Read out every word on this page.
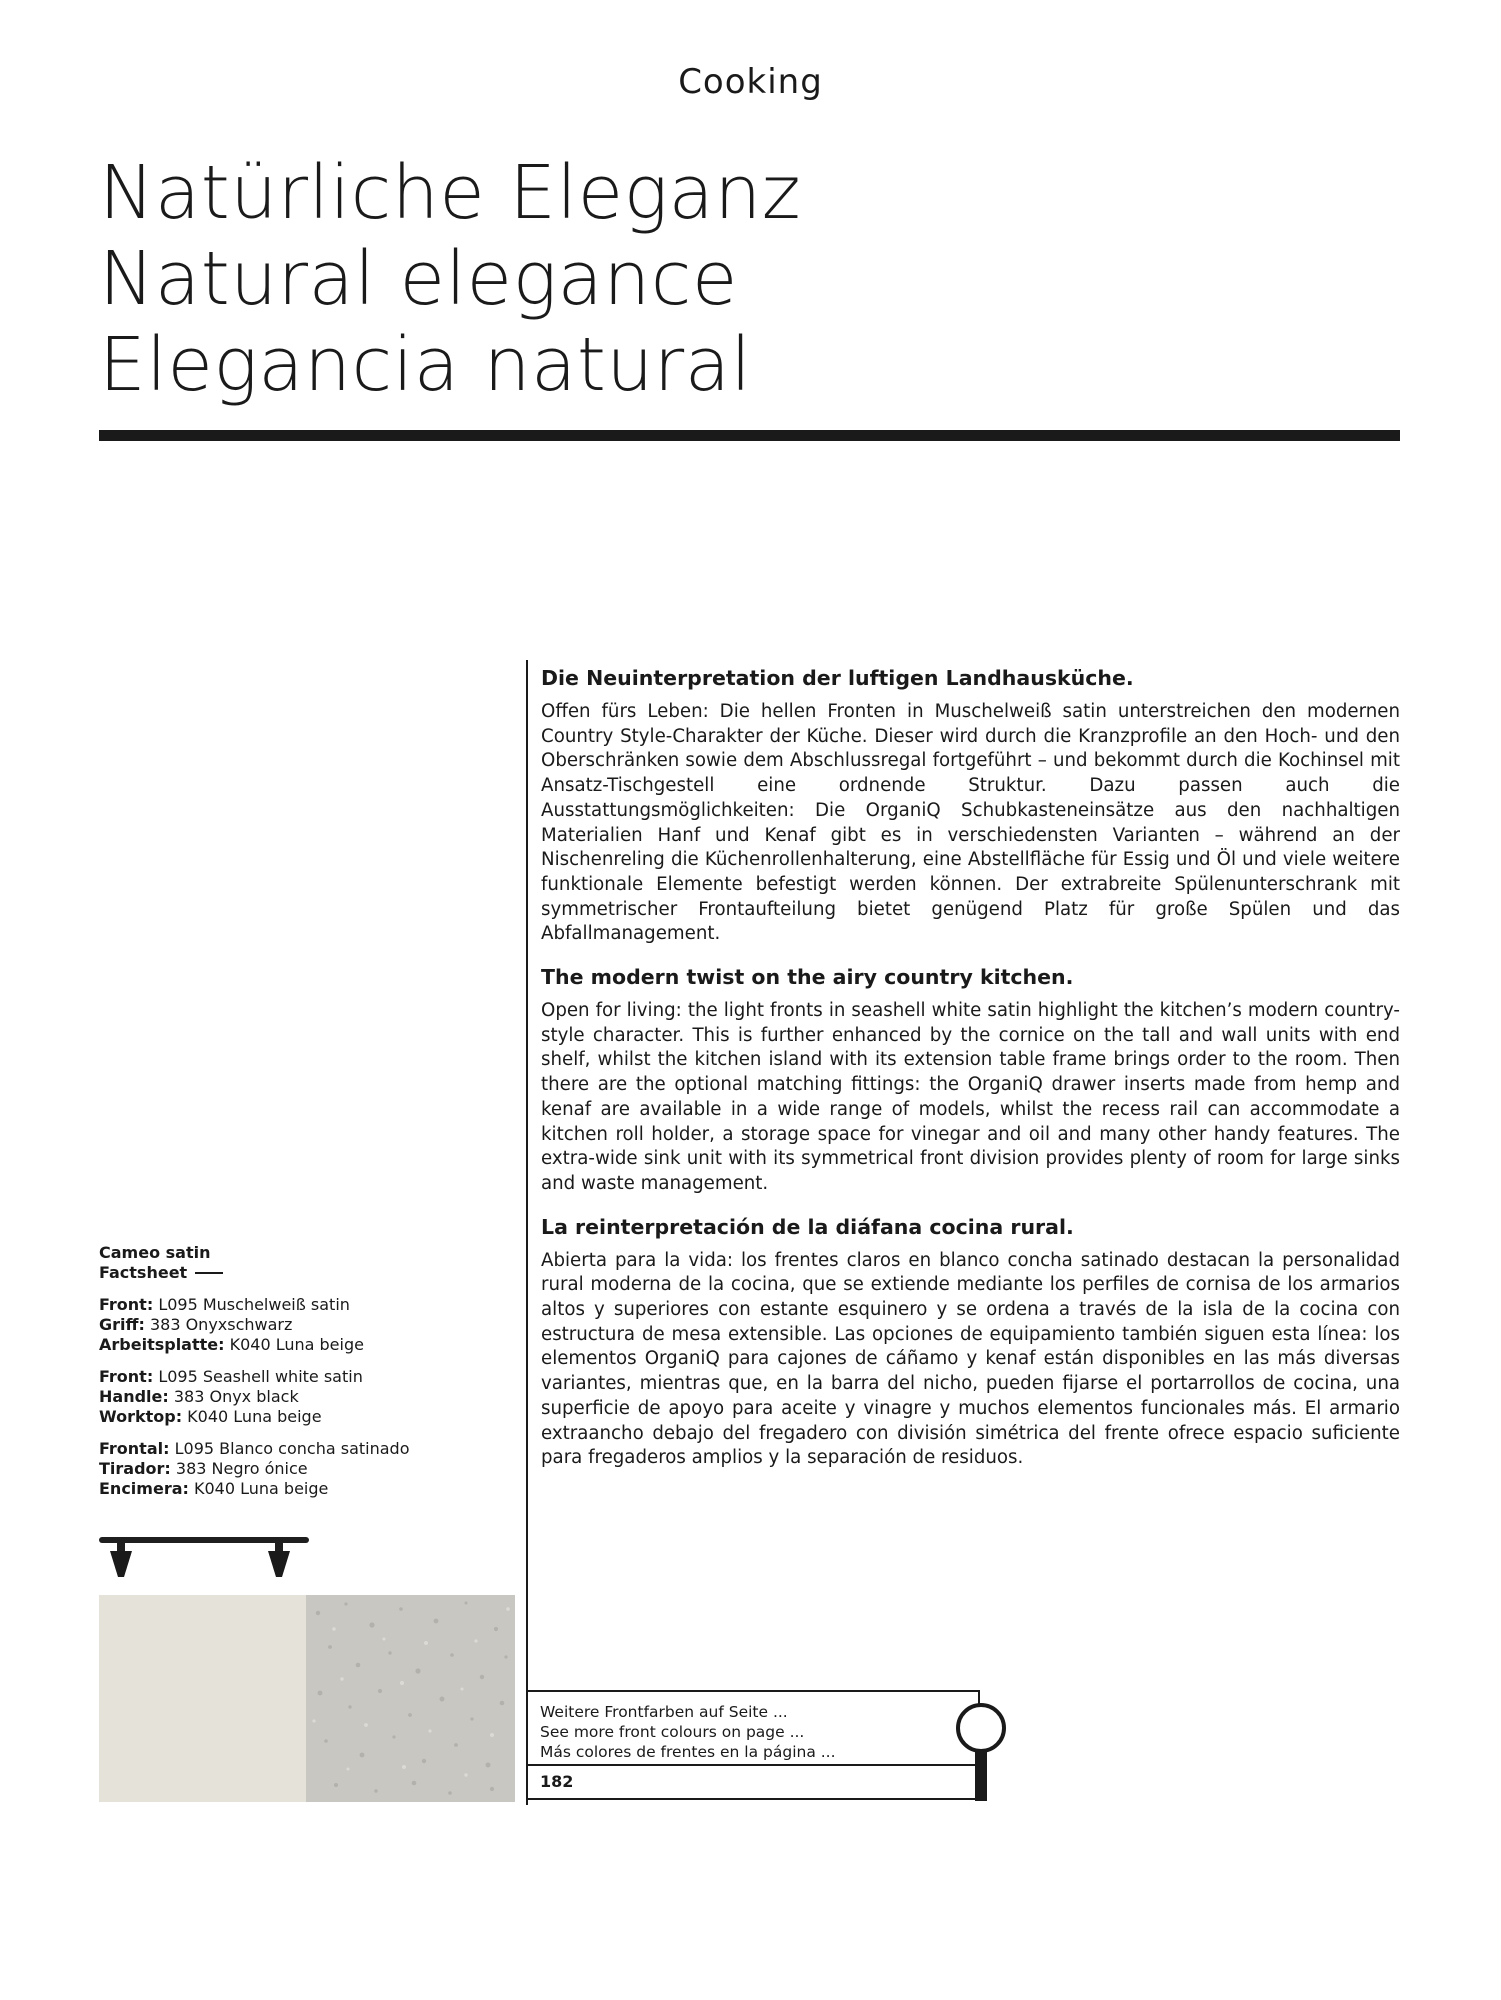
Cooking
Natürliche Eleganz
Natural elegance
Elegancia natural
Die Neuinterpretation der luftigen Landhausküche.
Offen fürs Leben: Die hellen Fronten in Muschelweiß satin unterstreichen den modernen Country Style-Charakter der Küche. Dieser wird durch die Kranzprofile an den Hoch- und den Oberschränken sowie dem Abschlussregal fortgeführt – und bekommt durch die Kochinsel mit Ansatz-Tischgestell eine ordnende Struktur. Dazu passen auch die Ausstattungsmöglichkeiten: Die OrganiQ Schubkasteneinsätze aus den nachhaltigen Materialien Hanf und Kenaf gibt es in verschiedensten Varianten – während an der Nischenreling die Küchenrollenhalterung, eine Abstellfläche für Essig und Öl und viele weitere funktionale Elemente befestigt werden können. Der extrabreite Spülenunterschrank mit symmetrischer Frontaufteilung bietet genügend Platz für große Spülen und das Abfallmanagement.
The modern twist on the airy country kitchen.
Open for living: the light fronts in seashell white satin highlight the kitchen’s modern country-style character. This is further enhanced by the cornice on the tall and wall units with end shelf, whilst the kitchen island with its extension table frame brings order to the room. Then there are the optional matching fittings: the OrganiQ drawer inserts made from hemp and kenaf are available in a wide range of models, whilst the recess rail can accommodate a kitchen roll holder, a storage space for vinegar and oil and many other handy features. The extra-wide sink unit with its symmetrical front division provides plenty of room for large sinks and waste management.
La reinterpretación de la diáfana cocina rural.
Abierta para la vida: los frentes claros en blanco concha satinado destacan la personalidad rural moderna de la cocina, que se extiende mediante los perfiles de cornisa de los armarios altos y superiores con estante esquinero y se ordena a través de la isla de la cocina con estructura de mesa extensible. Las opciones de equipamiento también siguen esta línea: los elementos OrganiQ para cajones de cáñamo y kenaf están disponibles en las más diversas variantes, mientras que, en la barra del nicho, pueden fijarse el portarrollos de cocina, una superficie de apoyo para aceite y vinagre y muchos elementos funcionales más. El armario extraancho debajo del fregadero con división simétrica del frente ofrece espacio suficiente para fregaderos amplios y la separación de residuos.
Cameo satin
Factsheet
Front: L095 Muschelweiß satin
Griff: 383 Onyxschwarz
Arbeitsplatte: K040 Luna beige
Front: L095 Seashell white satin
Handle: 383 Onyx black
Worktop: K040 Luna beige
Frontal: L095 Blanco concha satinado
Tirador: 383 Negro ónice
Encimera: K040 Luna beige
Weitere Frontfarben auf Seite ...
See more front colours on page ...
Más colores de frentes en la página ...
182
